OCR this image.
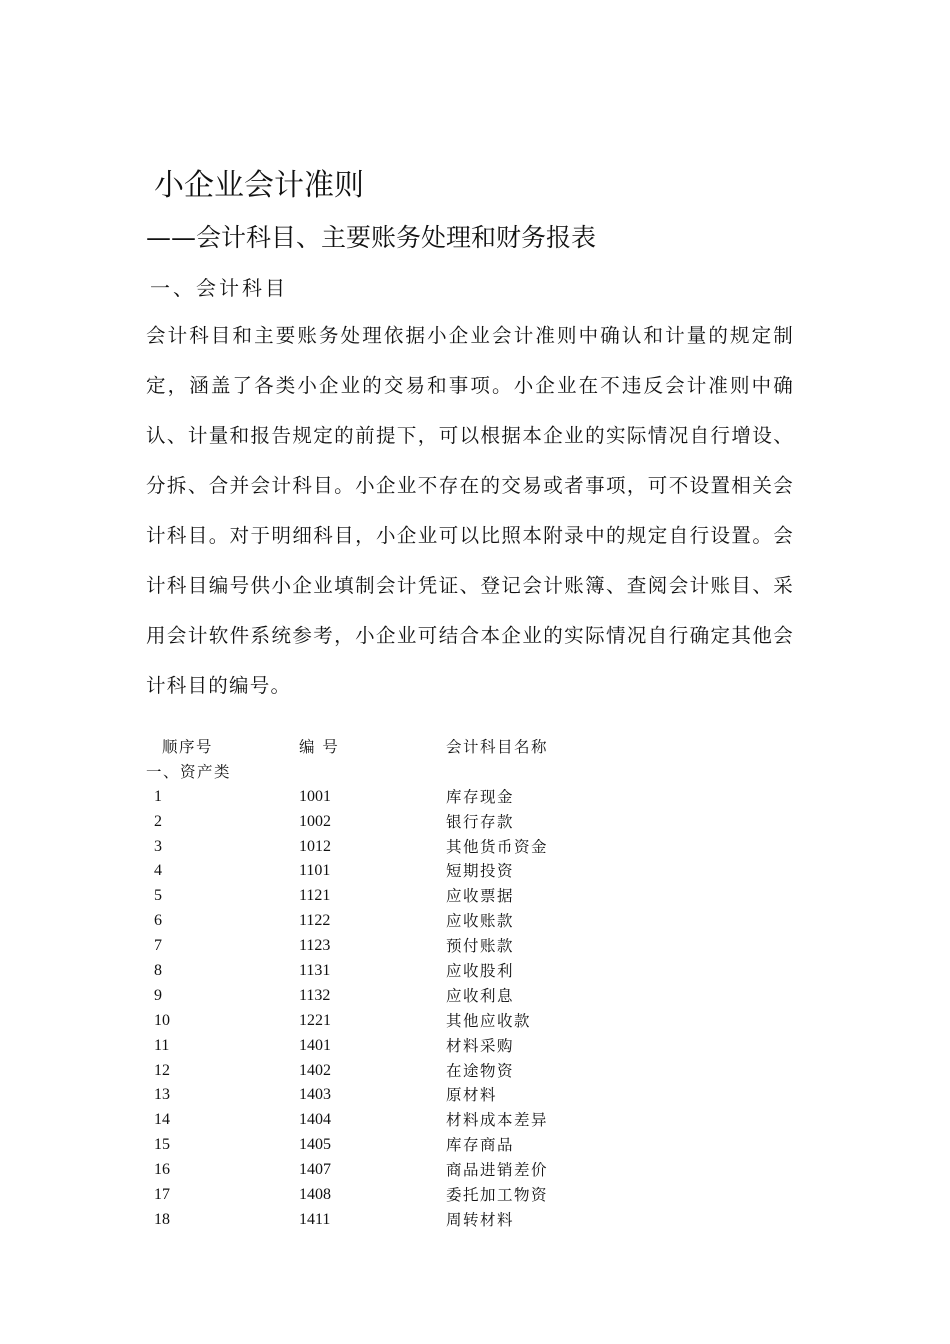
小企业会计准则
——会计科目、主要账务处理和财务报表
一、会计科目

会计科目和主要账务处理依据小企业会计准则中确认和计量的规定制定，涵盖了各类小企业的交易和事项。小企业在不违反会计准则中确认、计量和报告规定的前提下，可以根据本企业的实际情况自行增设、分拆、合并会计科目。小企业不存在的交易或者事项，可不设置相关会计科目。对于明细科目，小企业可以比照本附录中的规定自行设置。会计科目编号供小企业填制会计凭证、登记会计账簿、查阅会计账目、采用会计软件系统参考，小企业可结合本企业的实际情况自行确定其他会计科目的编号。

顺序号	编 号	会计科目名称
一、资产类
1	1001	库存现金
2	1002	银行存款
3	1012	其他货币资金
4	1101	短期投资
5	1121	应收票据
6	1122	应收账款
7	1123	预付账款
8	1131	应收股利
9	1132	应收利息
10	1221	其他应收款
11	1401	材料采购
12	1402	在途物资
13	1403	原材料
14	1404	材料成本差异
15	1405	库存商品
16	1407	商品进销差价
17	1408	委托加工物资
18	1411	周转材料
